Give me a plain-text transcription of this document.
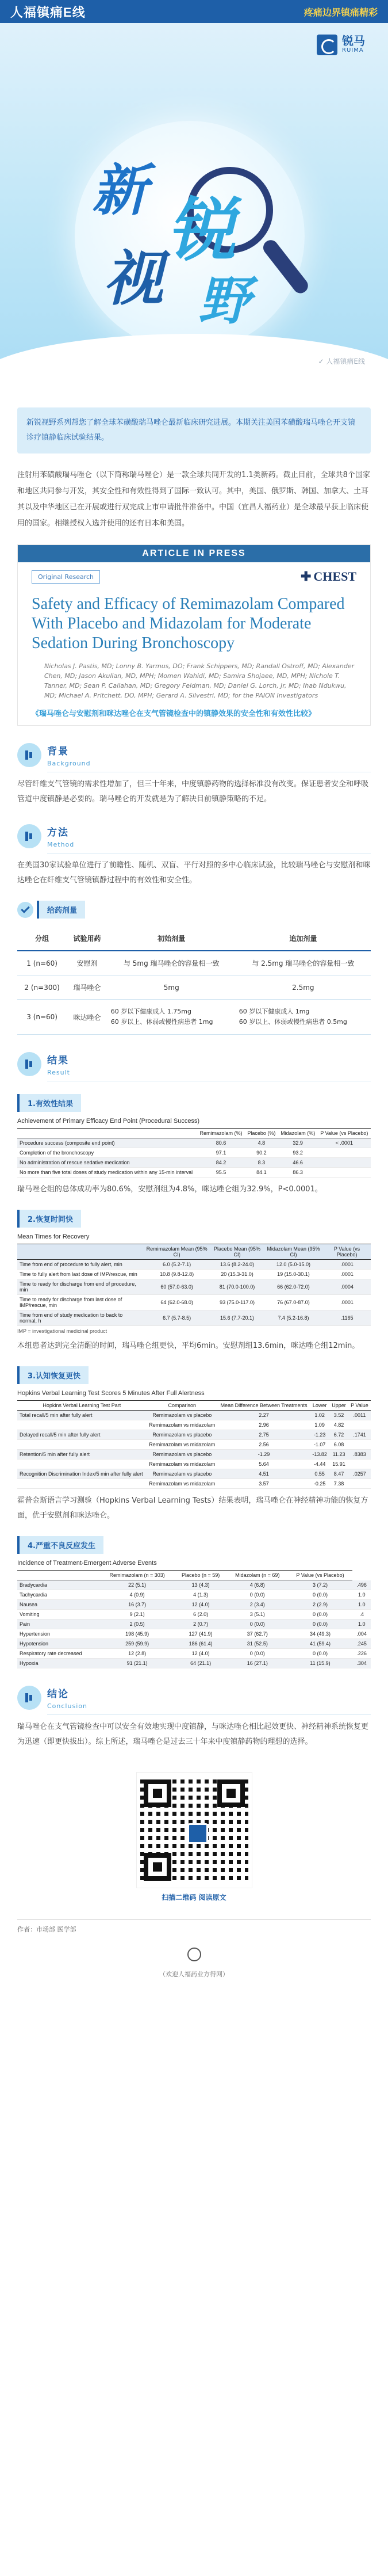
人福镇痛E线	疼痛边界镇痛精彩
锐马
RUIMA
新 锐
视 野
✓ 人福镇痛E线
新锐视野系列帮您了解全球苯磺酸瑞马唑仑最新临床研究进展。本期关注美国苯磺酸瑞马唑仑开支镜诊疗镇静临床试验结果。

注射用苯磺酸瑞马唑仑（以下简称瑞马唑仑）是一款全球共同开发的1.1类新药。截止目前，全球共8个国家和地区共同参与开发，其安全性和有效性得到了国际一致认可。其中，美国、俄罗斯、韩国、加拿大、土耳其以及中华地区已在开展或进行双完成上市申请批件准备中。中国（宜昌人福药业）是全球最早获上临床使用的国家。相继授权入选并使用的还有日本和美国。

ARTICLE IN PRESS
Original Research	✚ CHEST
Safety and Efficacy of Remimazolam Compared With Placebo and Midazolam for Moderate Sedation During Bronchoscopy
Nicholas J. Pastis, MD; Lonny B. Yarmus, DO; Frank Schippers, MD; Randall Ostroff, MD; Alexander Chen, MD; Jason Akulian, MD, MPH; Momen Wahidi, MD; Samira Shojaee, MD, MPH; Nichole T. Tanner, MD; Sean P. Callahan, MD; Gregory Feldman, MD; Daniel G. Lorch, Jr, MD; Ihab Ndukwu, MD; Michael A. Pritchett, DO, MPH; Gerard A. Silvestri, MD; for the PAION Investigators
《瑞马唑仑与安慰剂和咪达唑仑在支气管镜检查中的镇静效果的安全性和有效性比较》
背景
Background

尽管纤维支气管镜的需求性增加了，但三十年来，中度镇静药物的选择标准没有改变。保证患者安全和呼吸管道中度镇静是必要的。瑞马唑仑的开发就是为了解决目前镇静策略的不足。

方法
Method

在美国30家试验单位进行了前瞻性、随机、双盲、平行对照的多中心临床试验，比较瑞马唑仑与安慰剂和咪达唑仑在纤维支气管镜镇静过程中的有效性和安全性。

给药剂量
分组	试验用药	初始剂量	追加剂量
1 (n=60)	安慰剂	与 5mg 瑞马唑仑的容量相一致	与 2.5mg 瑞马唑仑的容量相一致
2 (n=300)	瑞马唑仑	5mg	2.5mg
3 (n=60)	咪达唑仑	60 岁以下健康成人 1.75mg
60 岁以上、体弱或慢性病患者 1mg	60 岁以下健康成人 1mg
60 岁以上、体弱或慢性病患者 0.5mg
结果
Result
1.有效性结果
Achievement of Primary Efficacy End Point (Procedural Success)
	Remimazolam (%)	Placebo (%)	Midazolam (%)	P Value (vs Placebo)
Procedure success (composite end point)	80.6	4.8	32.9	< .0001
Completion of the bronchoscopy	97.1	90.2	93.2	
No administration of rescue sedative medication	84.2	8.3	46.6	
No more than five total doses of study medication within any 15-min interval	95.5	84.1	86.3	

瑞马唑仑组的总体成功率为80.6%，安慰剂组为4.8%，咪达唑仑组为32.9%，P<0.0001。

2.恢复时间快
Mean Times for Recovery
	Remimazolam Mean (95% CI)	Placebo Mean (95% CI)	Midazolam Mean (95% CI)	P Value (vs Placebo)
Time from end of procedure to fully alert, min	6.0 (5.2-7.1)	13.6 (8.2-24.0)	12.0 (5.0-15.0)	.0001
Time to fully alert from last dose of IMP/rescue, min	10.8 (9.8-12.8)	20 (15.3-31.0)	19 (15.0-30.1)	.0001
Time to ready for discharge from end of procedure, min	60 (57.0-63.0)	81 (70.0-100.0)	66 (62.0-72.0)	.0004
Time to ready for discharge from last dose of IMP/rescue, min	64 (62.0-68.0)	93 (75.0-117.0)	76 (67.0-87.0)	.0001
Time from end of study medication to back to normal, h	6.7 (5.7-8.5)	15.6 (7.7-20.1)	7.4 (5.2-16.8)	.1165
IMP = investigational medicinal product

本组患者达到完全清醒的时间，瑞马唑仑组更快，平均6min。安慰剂组13.6min，咪达唑仑组12min。

3.认知恢复更快
Hopkins Verbal Learning Test Scores 5 Minutes After Full Alertness
Hopkins Verbal Learning Test Part	Comparison	Mean Difference Between Treatments	Lower	Upper	P Value
Total recall/5 min after fully alert	Remimazolam vs placebo	2.27	1.02	3.52	.0011
	Remimazolam vs midazolam	2.96	1.09	4.82	
Delayed recall/5 min after fully alert	Remimazolam vs placebo	2.75	-1.23	6.72	.1741
	Remimazolam vs midazolam	2.56	-1.07	6.08	
Retention/5 min after fully alert	Remimazolam vs placebo	-1.29	-13.82	11.23	.8383
	Remimazolam vs midazolam	5.64	-4.44	15.91	
Recognition Discrimination Index/5 min after fully alert	Remimazolam vs placebo	4.51	0.55	8.47	.0257
	Remimazolam vs midazolam	3.57	-0.25	7.38	

霍普金斯语言学习测验（Hopkins Verbal Learning Tests）结果表明，瑞马唑仑在神经精神功能的恢复方面，优于安慰剂和咪达唑仑。

4.严重不良反应发生
Incidence of Treatment-Emergent Adverse Events
	Remimazolam (n = 303)	Placebo (n = 59)	Midazolam (n = 69)	P Value (vs Placebo)	
Bradycardia	22 (5.1)	13 (4.3)	4 (6.8)	3 (7.2)	.496
Tachycardia	4 (0.9)	4 (1.3)	0 (0.0)	0 (0.0)	1.0
Nausea	16 (3.7)	12 (4.0)	2 (3.4)	2 (2.9)	1.0
Vomiting	9 (2.1)	6 (2.0)	3 (5.1)	0 (0.0)	.4
Pain	2 (0.5)	2 (0.7)	0 (0.0)	0 (0.0)	1.0
Hypertension	198 (45.9)	127 (41.9)	37 (62.7)	34 (49.3)	.004
Hypotension	259 (59.9)	186 (61.4)	31 (52.5)	41 (59.4)	.245
Respiratory rate decreased	12 (2.8)	12 (4.0)	0 (0.0)	0 (0.0)	.226
Hypoxia	91 (21.1)	64 (21.1)	16 (27.1)	11 (15.9)	.304
结论
Conclusion

瑞马唑仑在支气管镜检查中可以安全有效地实现中度镇静，与咪达唑仑相比起效更快、神经精神系统恢复更为迅速（即更快拔出）。综上所述，瑞马唑仑是过去三十年来中度镇静药物的理想的选择。

扫描二维码 阅读原文
作者：市场部 医学部
（欢迎人福药业方得网）
